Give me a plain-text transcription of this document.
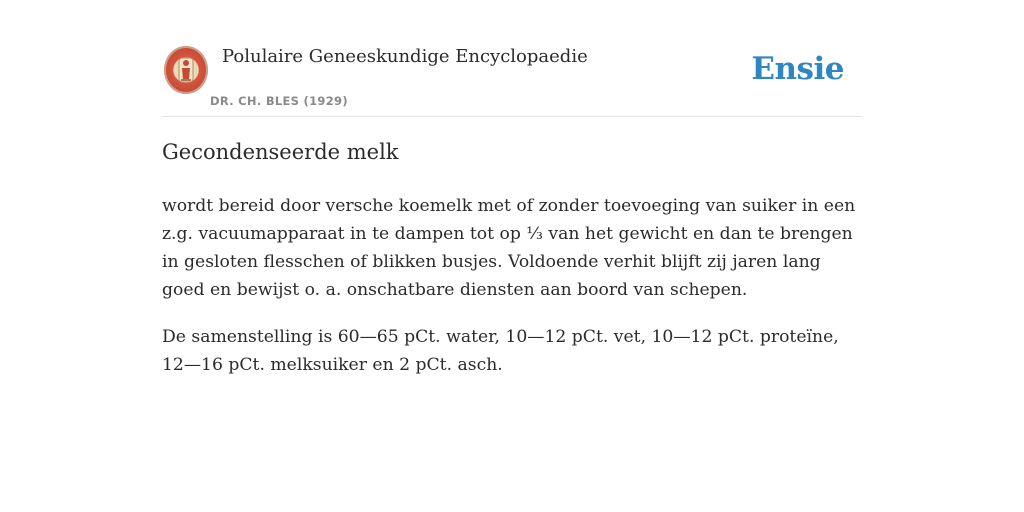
Polulaire Geneeskundige Encyclopaedie
DR. CH. BLES (1929)
Ensie
Gecondenseerde melk

wordt bereid door versche koemelk met of zonder toevoeging van suiker in een z.g. vacuumapparaat in te dampen tot op ⅓ van het gewicht en dan te brengen in gesloten flesschen of blikken busjes. Voldoende verhit blijft zij jaren lang goed en bewijst o. a. onschatbare diensten aan boord van schepen.

De samenstelling is 60—65 pCt. water, 10—12 pCt. vet, 10—12 pCt. proteïne, 12—16 pCt. melksuiker en 2 pCt. asch.
